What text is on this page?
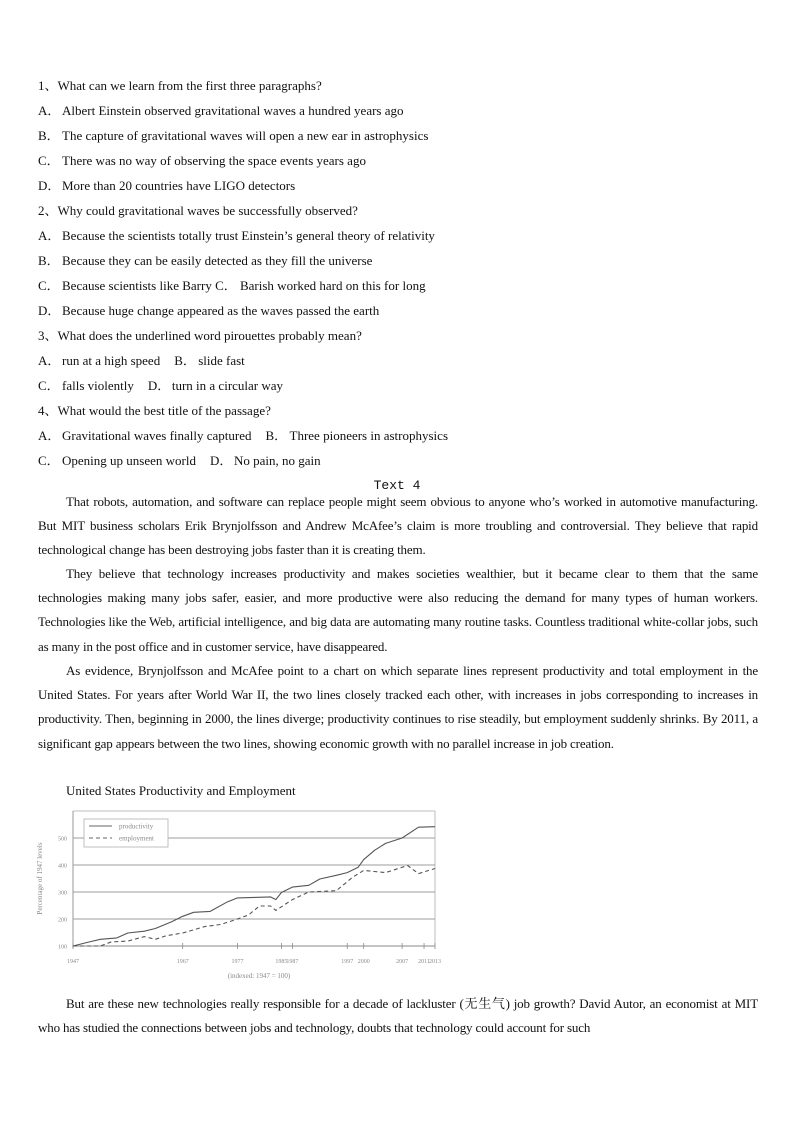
1、What can we learn from the first three paragraphs?
A． Albert Einstein observed gravitational waves a hundred years ago
B． The capture of gravitational waves will open a new ear in astrophysics
C． There was no way of observing the space events years ago
D． More than 20 countries have LIGO detectors
2、Why could gravitational waves be successfully observed?
A． Because the scientists totally trust Einstein’s general theory of relativity
B． Because they can be easily detected as they fill the universe
C． Because scientists like Barry C． Barish worked hard on this for long
D． Because huge change appeared as the waves passed the earth
3、What does the underlined word pirouettes probably mean?
A． run at a high speed B． slide fast
C． falls violently D． turn in a circular way
4、What would the best title of the passage?
A． Gravitational waves finally captured B． Three pioneers in astrophysics
C． Opening up unseen world D． No pain, no gain
Text 4
That robots, automation, and software can replace people might seem obvious to anyone who’s worked in automotive manufacturing. But MIT business scholars Erik Brynjolfsson and Andrew McAfee’s claim is more troubling and controversial. They believe that rapid technological change has been destroying jobs faster than it is creating them.
They believe that technology increases productivity and makes societies wealthier, but it became clear to them that the same technologies making many jobs safer, easier, and more productive were also reducing the demand for many types of human workers. Technologies like the Web, artificial intelligence, and big data are automating many routine tasks. Countless traditional white-collar jobs, such as many in the post office and in customer service, have disappeared.
As evidence, Brynjolfsson and McAfee point to a chart on which separate lines represent productivity and total employment in the United States. For years after World War II, the two lines closely tracked each other, with increases in jobs corresponding to increases in productivity. Then, beginning in 2000, the lines diverge; productivity continues to rise steadily, but employment suddenly shrinks. By 2011, a significant gap appears between the two lines, showing economic growth with no parallel increase in job creation.
United States Productivity and Employment
100
200
300
400
500
1947	1967	1977	1985
1987	1997 2000	2007 2011 2013
Percentage of 1947 levels
(indexed: 1947 = 100)
productivity
employment
But are these new technologies really responsible for a decade of lackluster (无生气) job growth? David Autor, an economist at MIT who has studied the connections between jobs and technology, doubts that technology could account for such
